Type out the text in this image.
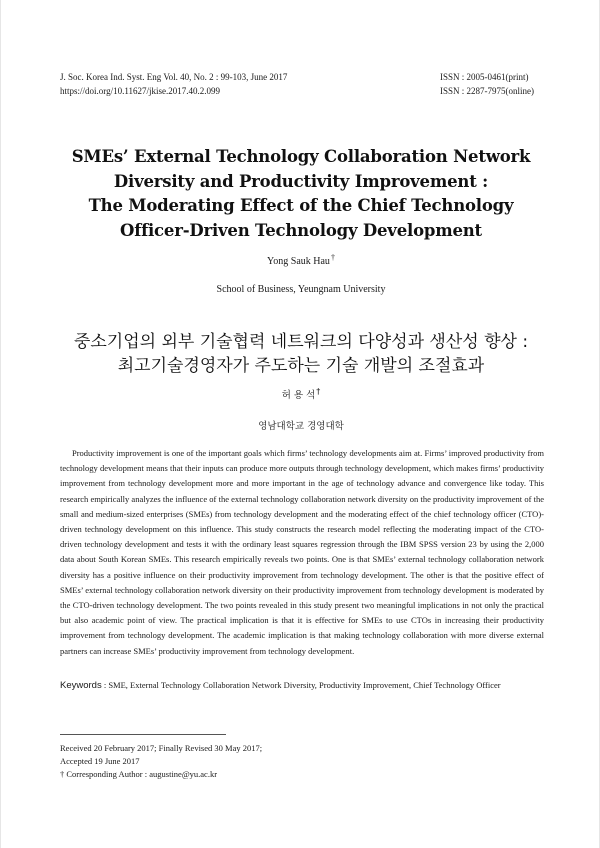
J. Soc. Korea Ind. Syst. Eng Vol. 40, No. 2 : 99-103, June 2017
https://doi.org/10.11627/jkise.2017.40.2.099
ISSN : 2005-0461(print)
ISSN : 2287-7975(online)
SMEs’ External Technology Collaboration Network
Diversity and Productivity Improvement :
The Moderating Effect of the Chief Technology
Officer-Driven Technology Development
Yong Sauk Hau†
School of Business, Yeungnam University
중소기업의 외부 기술협력 네트워크의 다양성과 생산성 향상 :
최고기술경영자가 주도하는 기술 개발의 조절효과
허 용 석†
영남대학교 경영대학

Productivity improvement is one of the important goals which firms’ technology developments aim at. Firms’ improved productivity from technology development means that their inputs can produce more outputs through technology development, which makes firms’ productivity improvement from technology development more and more important in the age of technology advance and convergence like today. This research empirically analyzes the influence of the external technology collaboration network diversity on the productivity improvement of the small and medium-sized enterprises (SMEs) from technology development and the moderating effect of the chief technology officer (CTO)-driven technology development on this influence. This study constructs the research model reflecting the moderating impact of the CTO-driven technology development and tests it with the ordinary least squares regression through the IBM SPSS version 23 by using the 2,000 data about South Korean SMEs. This research empirically reveals two points. One is that SMEs’ external technology collaboration network diversity has a positive influence on their productivity improvement from technology development. The other is that the positive effect of SMEs’ external technology collaboration network diversity on their productivity improvement from technology development is moderated by the CTO-driven technology development. The two points revealed in this study present two meaningful implications in not only the practical but also academic point of view. The practical implication is that it is effective for SMEs to use CTOs in increasing their productivity improvement from technology development. The academic implication is that making technology collaboration with more diverse external partners can increase SMEs’ productivity improvement from technology development.

Keywords : SME, External Technology Collaboration Network Diversity, Productivity Improvement, Chief Technology Officer
Received 20 February 2017; Finally Revised 30 May 2017;
Accepted 19 June 2017
† Corresponding Author : augustine@yu.ac.kr
